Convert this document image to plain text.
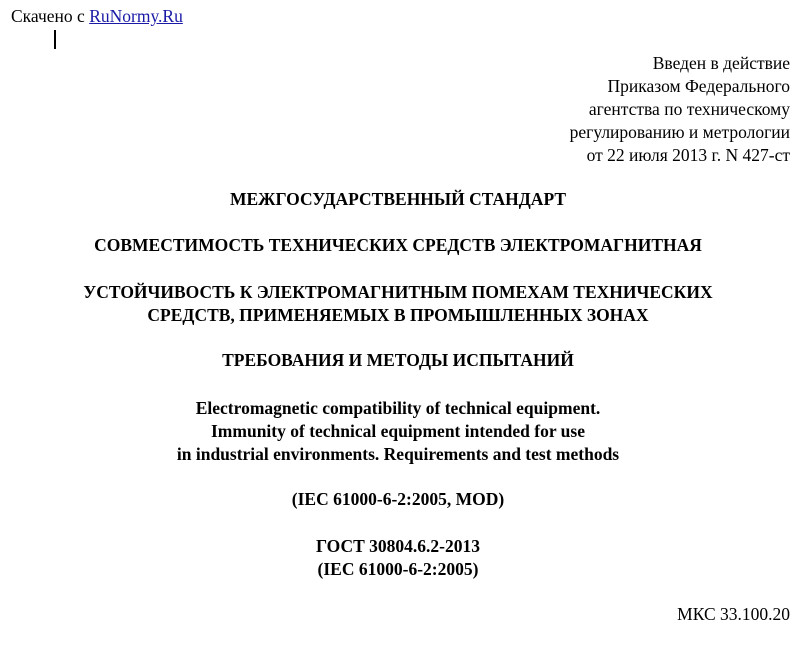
Скачено с RuNormy.Ru
Введен в действие
Приказом Федерального
агентства по техническому
регулированию и метрологии
от 22 июля 2013 г. N 427-ст
МЕЖГОСУДАРСТВЕННЫЙ СТАНДАРТ
СОВМЕСТИМОСТЬ ТЕХНИЧЕСКИХ СРЕДСТВ ЭЛЕКТРОМАГНИТНАЯ
УСТОЙЧИВОСТЬ К ЭЛЕКТРОМАГНИТНЫМ ПОМЕХАМ ТЕХНИЧЕСКИХ
СРЕДСТВ, ПРИМЕНЯЕМЫХ В ПРОМЫШЛЕННЫХ ЗОНАХ
ТРЕБОВАНИЯ И МЕТОДЫ ИСПЫТАНИЙ
Electromagnetic compatibility of technical equipment.
Immunity of technical equipment intended for use
in industrial environments. Requirements and test methods
(IEC 61000-6-2:2005, MOD)
ГОСТ 30804.6.2-2013
(IEC 61000-6-2:2005)
МКС 33.100.20
